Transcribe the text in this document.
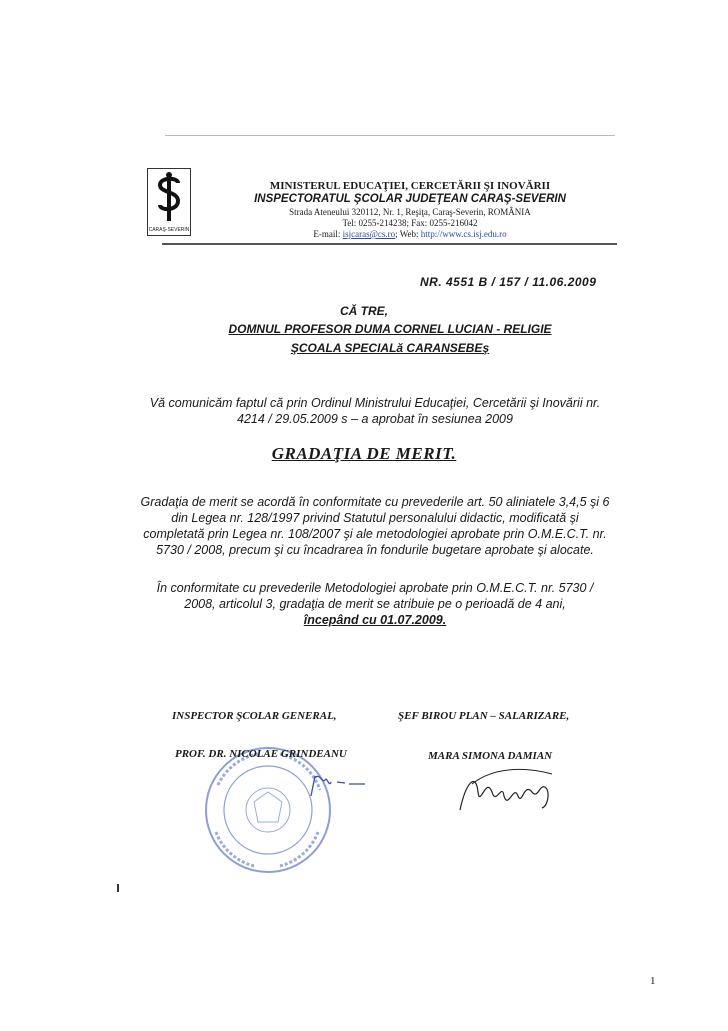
CARAŞ-SEVERIN
MINISTERUL EDUCAŢIEI, CERCETĂRII ŞI INOVĂRII
INSPECTORATUL ŞCOLAR JUDEŢEAN CARAŞ-SEVERIN
Strada Ateneului 320112, Nr. 1, Reşiţa, Caraş-Severin, ROMÂNIA
Tel: 0255-214238; Fax: 0255-216042
E-mail: isjcaras@cs.ro; Web: http://www.cs.isj.edu.ro
NR. 4551 B / 157 / 11.06.2009
CĂ TRE,
DOMNUL PROFESOR DUMA CORNEL LUCIAN - RELIGIE
ŞCOALA SPECIALă CARANSEBEş
Vă comunicăm faptul că prin Ordinul Ministrului Educaţiei, Cercetării şi Inovării nr. 4214 / 29.05.2009 s – a aprobat în sesiunea 2009
GRADAŢIA DE MERIT.
Gradaţia de merit se acordă în conformitate cu prevederile art. 50 aliniatele 3,4,5 şi 6 din Legea nr. 128/1997 privind Statutul personalului didactic, modificată şi completată prin Legea nr. 108/2007 şi ale metodologiei aprobate prin O.M.E.C.T. nr. 5730 / 2008, precum şi cu încadrarea în fondurile bugetare aprobate şi alocate.
În conformitate cu prevederile Metodologiei aprobate prin O.M.E.C.T. nr. 5730 / 2008, articolul 3, gradaţia de merit se atribuie pe o perioadă de 4 ani,
începând cu 01.07.2009.
INSPECTOR ŞCOLAR GENERAL,	ŞEF BIROU PLAN – SALARIZARE,
PROF. DR. NICOLAE GRINDEANU	MARA SIMONA DAMIAN
1
